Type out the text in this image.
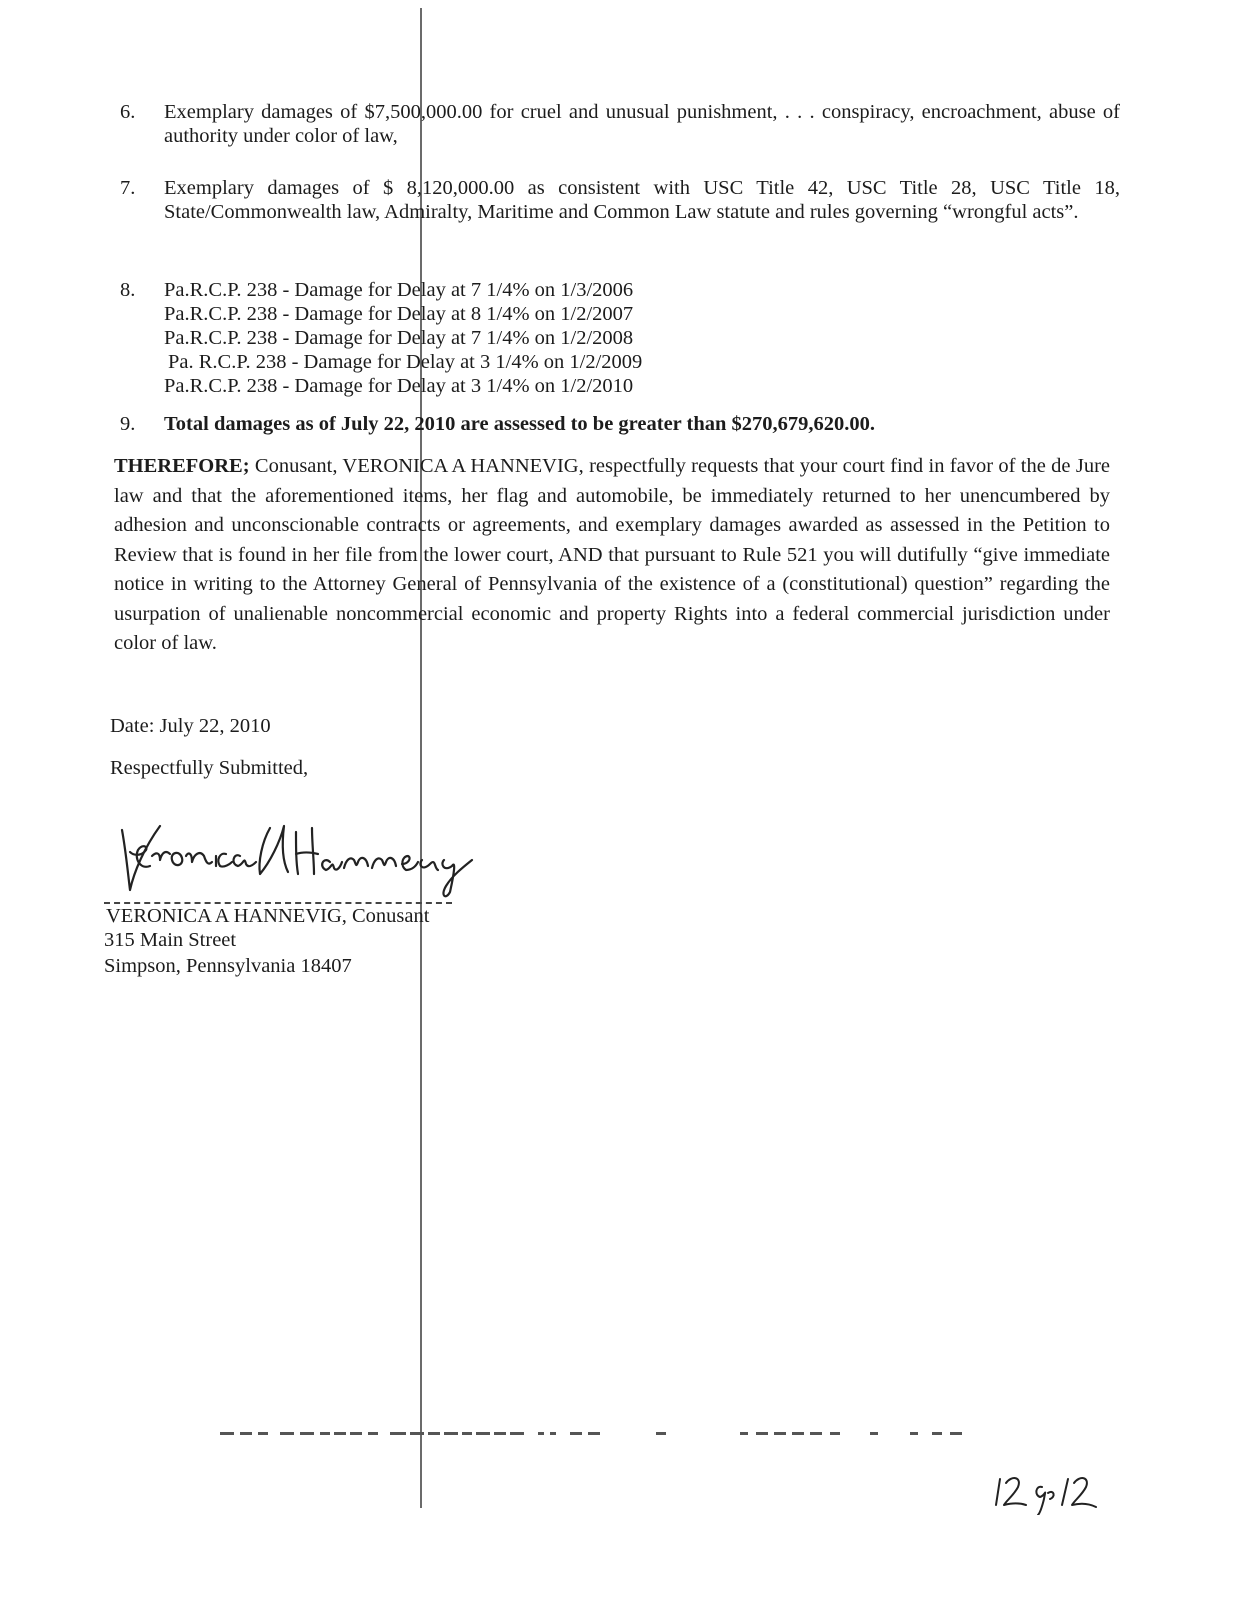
6.	Exemplary damages of $7,500,000.00 for cruel and unusual punishment, . . . conspiracy, encroachment, abuse of authority under color of law,
7.	Exemplary damages of $ 8,120,000.00 as consistent with USC Title 42, USC Title 28, USC Title 18, State/Commonwealth law, Admiralty, Maritime and Common Law statute and rules governing “wrongful acts”.
8.	Pa.R.C.P. 238 - Damage for Delay at 7 1/4% on 1/3/2006
Pa.R.C.P. 238 - Damage for Delay at 8 1/4% on 1/2/2007
Pa.R.C.P. 238 - Damage for Delay at 7 1/4% on 1/2/2008
Pa. R.C.P. 238 - Damage for Delay at 3 1/4% on 1/2/2009
Pa.R.C.P. 238 - Damage for Delay at 3 1/4% on 1/2/2010
9.	Total damages as of July 22, 2010 are assessed to be greater than $270,679,620.00.
THEREFORE; Conusant, VERONICA A HANNEVIG, respectfully requests that your court find in favor of the de Jure law and that the aforementioned items, her flag and automobile, be immediately returned to her unencumbered by adhesion and unconscionable contracts or agreements, and exemplary damages awarded as assessed in the Petition to Review that is found in her file from the lower court, AND that pursuant to Rule 521 you will dutifully “give immediate notice in writing to the Attorney General of Pennsylvania of the existence of a (constitutional) question” regarding the usurpation of unalienable noncommercial economic and property Rights into a federal commercial jurisdiction under color of law.
Date: July 22, 2010
Respectfully Submitted,
VERONICA A HANNEVIG, Conusant
315 Main Street
Simpson, Pennsylvania 18407
